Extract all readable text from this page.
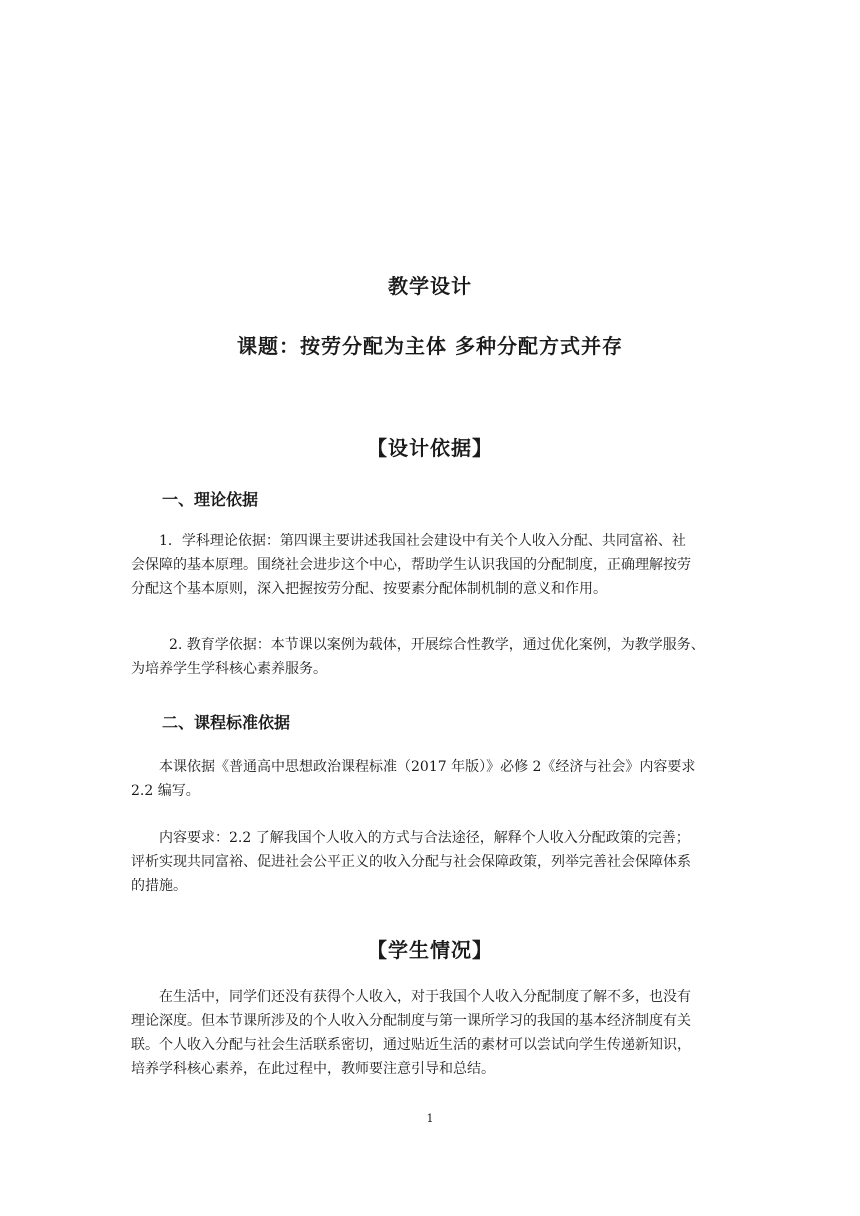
教学设计
课题：按劳分配为主体 多种分配方式并存
【设计依据】
一、理论依据

1．学科理论依据：第四课主要讲述我国社会建设中有关个人收入分配、共同富裕、社
会保障的基本原理。围绕社会进步这个中心，帮助学生认识我国的分配制度，正确理解按劳
分配这个基本原则，深入把握按劳分配、按要素分配体制机制的意义和作用。

2. 教育学依据：本节课以案例为载体，开展综合性教学，通过优化案例，为教学服务、
为培养学生学科核心素养服务。

二、课程标准依据

本课依据《普通高中思想政治课程标准（2017 年版）》必修 2《经济与社会》内容要求
2.2 编写。

内容要求：2.2 了解我国个人收入的方式与合法途径，解释个人收入分配政策的完善；
评析实现共同富裕、促进社会公平正义的收入分配与社会保障政策，列举完善社会保障体系
的措施。

【学生情况】

在生活中，同学们还没有获得个人收入，对于我国个人收入分配制度了解不多，也没有
理论深度。但本节课所涉及的个人收入分配制度与第一课所学习的我国的基本经济制度有关
联。个人收入分配与社会生活联系密切，通过贴近生活的素材可以尝试向学生传递新知识，
培养学科核心素养，在此过程中，教师要注意引导和总结。

1
